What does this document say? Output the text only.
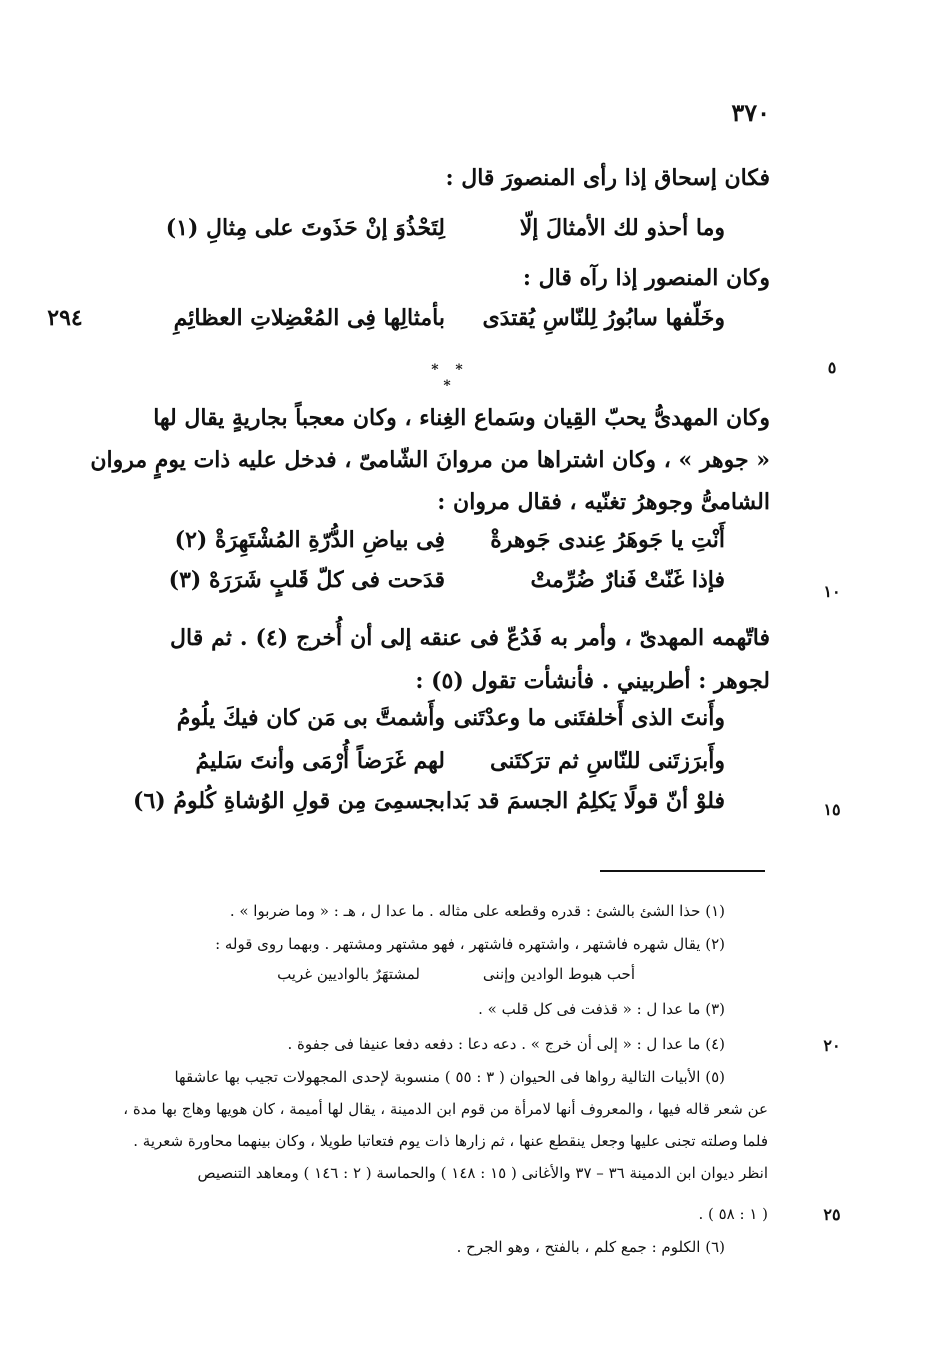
٣٧٠
٥
١٠
١٥
٢٠
٢٥
٢٩٤
فكان إسحاق إذا رأى المنصورَ قال :
وما أحذو لك الأمثالَ إلّا
لِتَحْذُوَ إنْ حَذَوتَ على مِثالِ (١)
وكان المنصور إذا رآه قال :
وخَلّفها سابُورُ لِلنّاسِ يُقتدَى
بأمثالِها فِى المُعْضِلاتِ العظائِمِ
* * *
وكان المهدىُّ يحبّ القِيان وسَماع الغِناء ، وكان معجباً بجاريةٍ يقال لها
« جوهر » ، وكان اشتراها من مروانَ الشّامىّ ، فدخل عليه ذات يومٍ مروان
الشامىُّ وجوهرُ تغنّيه ، فقال مروان :
أَنْتِ يا جَوهَرُ عِندى جَوهرةْ
فِى بياضِ الدُّرّةِ المُشْتَهِرَةْ (٢)
فإذا غَنّتْ فَنارٌ ضُرِّمتْ
قدَحت فى كلّ قَلبٍ شَرَرَهْ (٣)
فاتّهمه المهدىّ ، وأمر به فَدُعّ فى عنقه إلى أن أُخرج (٤) . ثم قال
لجوهر : أطربيني . فأنشأت تقول (٥) :
وأَنتَ الذى أَخلفتَنى ما وعدْتَنى
وأَشمتَّ بى مَن كان فيكَ يلُومُ
وأَبرَزتَنى للنّاسِ ثم ترَكتَنى
لهم غَرَضاً أُرْمَى وأنتَ سَليمُ
فلوْ أنّ قولًا يَكلِمُ الجسمَ قد بَدا
بجسمِىَ مِن قولِ الوُشاةِ كُلومُ (٦)
(١) حذا الشئ بالشئ : قدره وقطعه على مثاله . ما عدا ل ، هـ : « وما ضربوا » .
(٢) يقال شهره فاشتهر ، واشتهره فاشتهر ، فهو مشتهر ومشتهر . وبهما روى قوله :
أحب هبوط الوادين وإننى
لمشتهَرٌ بالواديين غريب
(٣) ما عدا ل : « قذفت فى كل قلب » .
(٤) ما عدا ل : « إلى أن خرج » . دعه دعا : دفعه دفعا عنيفا فى جفوة .
(٥) الأبيات التالية رواها فى الحيوان ( ٣ : ٥٥ ) منسوبة لإحدى المجهولات تجيب بها عاشقها
عن شعر قاله فيها ، والمعروف أنها لامرأة من قوم ابن الدمينة ، يقال لها أميمة ، كان هويها وهاج بها مدة ،
فلما وصلته تجنى عليها وجعل ينقطع عنها ، ثم زارها ذات يوم فتعاتبا طويلا ، وكان بينهما محاورة شعرية .
انظر ديوان ابن الدمينة ٣٦ – ٣٧ والأغانى ( ١٥ : ١٤٨ ) والحماسة ( ٢ : ١٤٦ ) ومعاهد التنصيص
( ١ : ٥٨ ) .
(٦) الكلوم : جمع كلم ، بالفتح ، وهو الجرح .
